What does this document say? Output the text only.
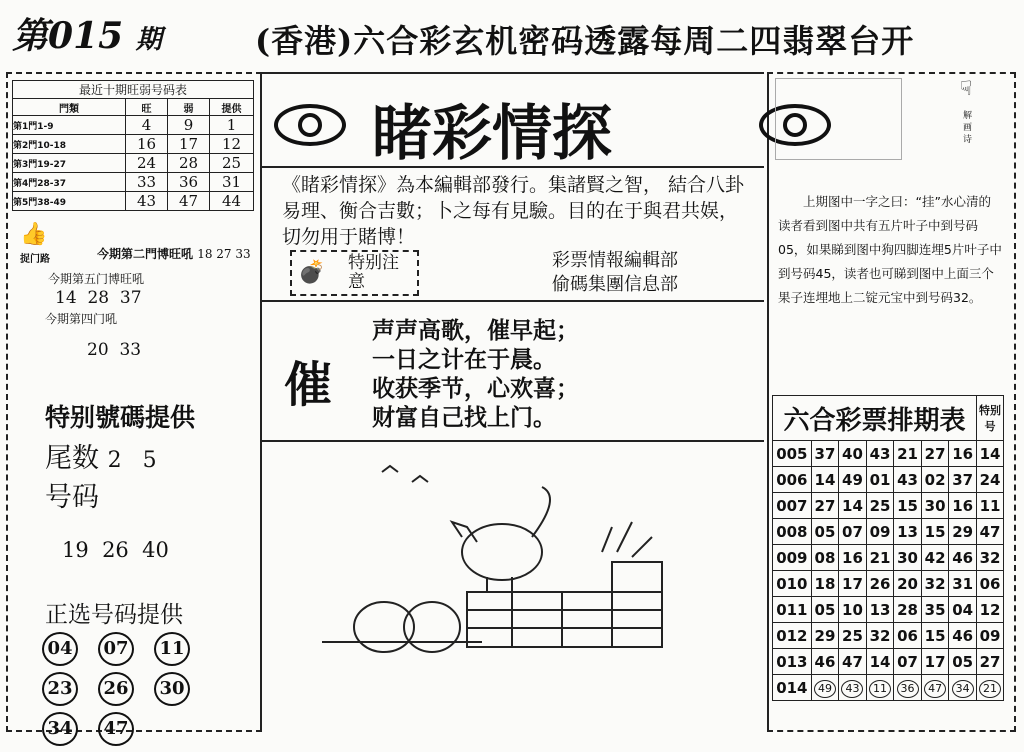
第015 期	(香港)六合彩玄机密码透露每周二四翡翠台开
最近十期旺弱号码表			
門類	旺	弱	提供
第1門1-9	4	9	1
第2門10-18	16	17	12
第3門19-27	24	28	25
第4門28-37	33	36	31
第5門38-49	43	47	44
👍
捉门路	今期第二門博旺吼 18 27 33
今期第五门博旺吼
14  28  37
今期第四门吼
20  33
特别號碼提供
尾数 2   5
号码
19  26  40
正选号码提供
04 07 1123 26 3034 47

睹彩情探
《睹彩情探》為本編輯部發行。集諸賢之智， 結合八卦易理、衡合吉數；卜之每有見驗。目的在于與君共娱，切勿用于賭博！
💣 特别注意
彩票情報編輯部
偷碼集團信息部
催
声声高歌，催早起；
一日之计在于晨。
收获季节，心欢喜；
财富自己找上门。
☟
解画诗
上期图中一字之曰：“挂”水心清的读者看到图中共有五片叶子中到号码05，如果睇到图中狗四脚连埋5片叶子中到号码45，读者也可睇到图中上面三个果子连埋地上二锭元宝中到号码32。
六合彩票排期表							特别号
005	37	40	43	21	27	16	14
006	14	49	01	43	02	37	24
007	27	14	25	15	30	16	11
008	05	07	09	13	15	29	47
009	08	16	21	30	42	46	32
010	18	17	26	20	32	31	06
011	05	10	13	28	35	04	12
012	29	25	32	06	15	46	09
013	46	47	14	07	17	05	27
014	49	43	11	36	47	34	21
